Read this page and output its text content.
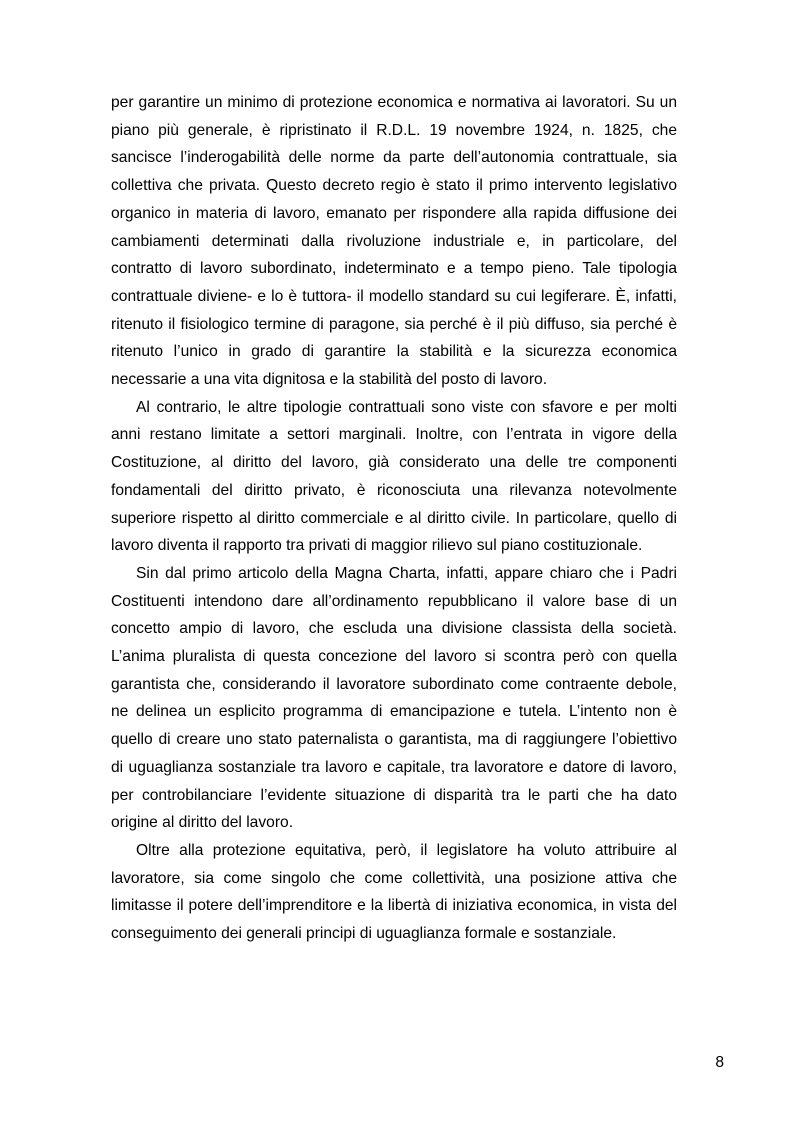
per garantire un minimo di protezione economica e normativa ai lavoratori. Su un piano più generale, è ripristinato il R.D.L. 19 novembre 1924, n. 1825, che sancisce l’inderogabilità delle norme da parte dell’autonomia contrattuale, sia collettiva che privata. Questo decreto regio è stato il primo intervento legislativo organico in materia di lavoro, emanato per rispondere alla rapida diffusione dei cambiamenti determinati dalla rivoluzione industriale e, in particolare, del contratto di lavoro subordinato, indeterminato e a tempo pieno. Tale tipologia contrattuale diviene- e lo è tuttora- il modello standard su cui legiferare. È, infatti, ritenuto il fisiologico termine di paragone, sia perché è il più diffuso, sia perché è ritenuto l’unico in grado di garantire la stabilità e la sicurezza economica necessarie a una vita dignitosa e la stabilità del posto di lavoro.

Al contrario, le altre tipologie contrattuali sono viste con sfavore e per molti anni restano limitate a settori marginali. Inoltre, con l’entrata in vigore della Costituzione, al diritto del lavoro, già considerato una delle tre componenti fondamentali del diritto privato, è riconosciuta una rilevanza notevolmente superiore rispetto al diritto commerciale e al diritto civile. In particolare, quello di lavoro diventa il rapporto tra privati di maggior rilievo sul piano costituzionale.

Sin dal primo articolo della Magna Charta, infatti, appare chiaro che i Padri Costituenti intendono dare all’ordinamento repubblicano il valore base di un concetto ampio di lavoro, che escluda una divisione classista della società. L’anima pluralista di questa concezione del lavoro si scontra però con quella garantista che, considerando il lavoratore subordinato come contraente debole, ne delinea un esplicito programma di emancipazione e tutela. L’intento non è quello di creare uno stato paternalista o garantista, ma di raggiungere l’obiettivo di uguaglianza sostanziale tra lavoro e capitale, tra lavoratore e datore di lavoro, per controbilanciare l’evidente situazione di disparità tra le parti che ha dato origine al diritto del lavoro.

Oltre alla protezione equitativa, però, il legislatore ha voluto attribuire al lavoratore, sia come singolo che come collettività, una posizione attiva che limitasse il potere dell’imprenditore e la libertà di iniziativa economica, in vista del conseguimento dei generali principi di uguaglianza formale e sostanziale.

8
